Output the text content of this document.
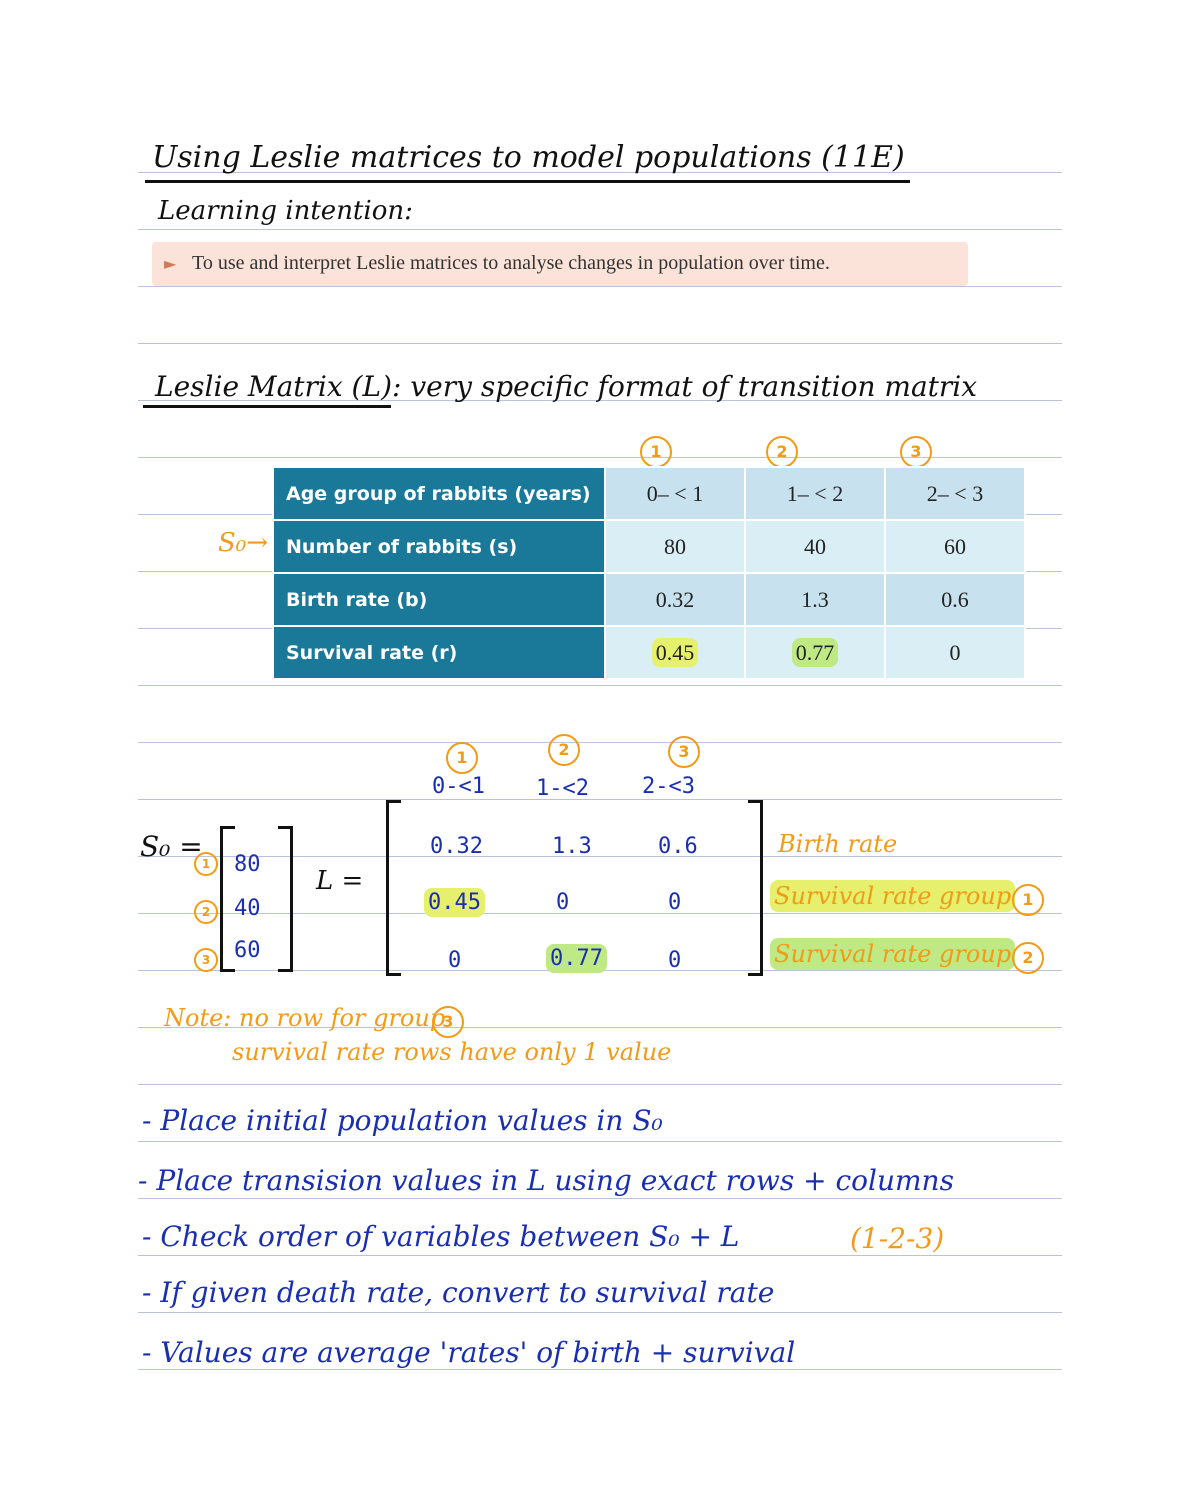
Using Leslie matrices to model populations (11E)
Learning intention:
► To use and interpret Leslie matrices to analyse changes in population over time.
Leslie Matrix (L) : very specific format of transition matrix
1	2	3
S₀→
Age group of rabbits (years)	0– < 1	1– < 2	2– < 3
Number of rabbits (s)	80	40	60
Birth rate (b)	0.32	1.3	0.6
Survival rate (r)	0.45	0.77	0
1	2	3
0-<1 1-<2 2-<3
S₀ =
1
2
3
80
40
60
L =
0.32	1.3	0.6
0.45	0	0
0	0.77	0
Birth rate
Survival rate group 1
Survival rate group 2
Note: no row for group
3
survival rate rows have only 1 value
- Place initial population values in S₀
- Place transision values in L using exact rows + columns
- Check order of variables between S₀ + L	(1-2-3)
- If given death rate, convert to survival rate
- Values are average 'rates' of birth + survival
